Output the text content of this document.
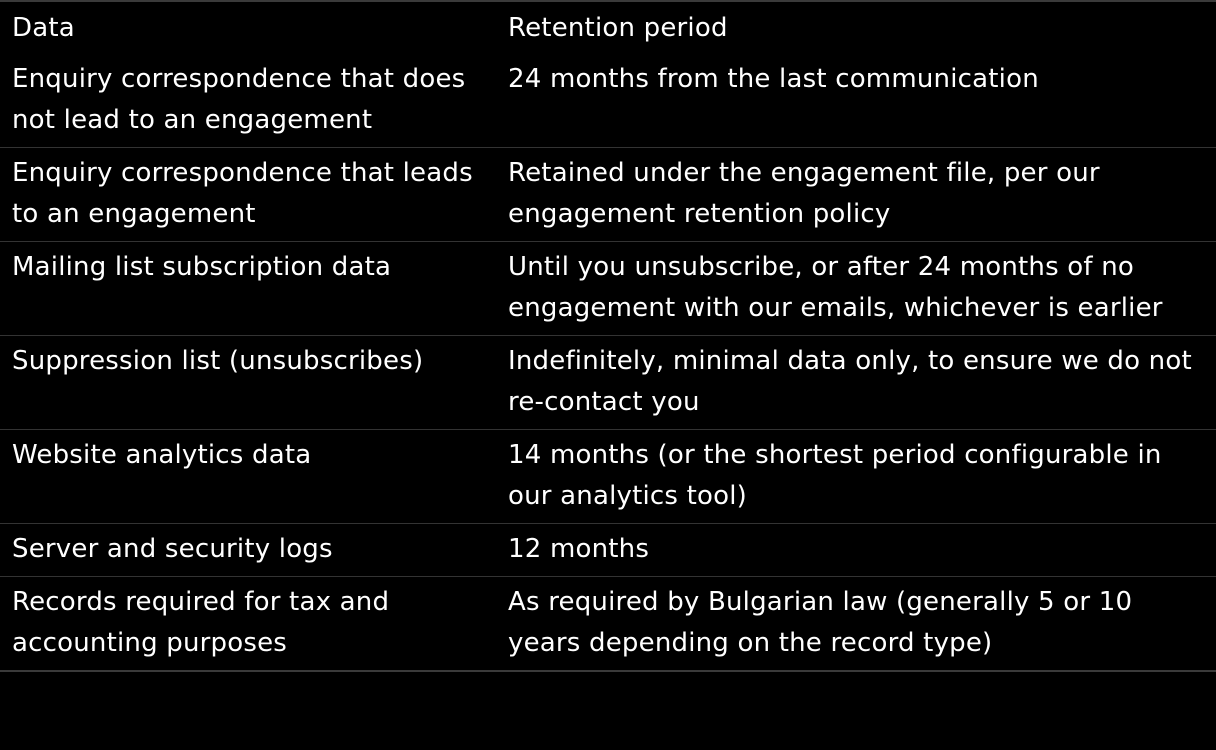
Data	Retention period
Enquiry correspondence that does not lead to an engagement	24 months from the last communication
Enquiry correspondence that leads to an engagement	Retained under the engagement file, per our engagement retention policy
Mailing list subscription data	Until you unsubscribe, or after 24 months of no engagement with our emails, whichever is earlier
Suppression list (unsubscribes)	Indefinitely, minimal data only, to ensure we do not re-contact you
Website analytics data	14 months (or the shortest period configurable in our analytics tool)
Server and security logs	12 months
Records required for tax and accounting purposes	As required by Bulgarian law (generally 5 or 10 years depending on the record type)
